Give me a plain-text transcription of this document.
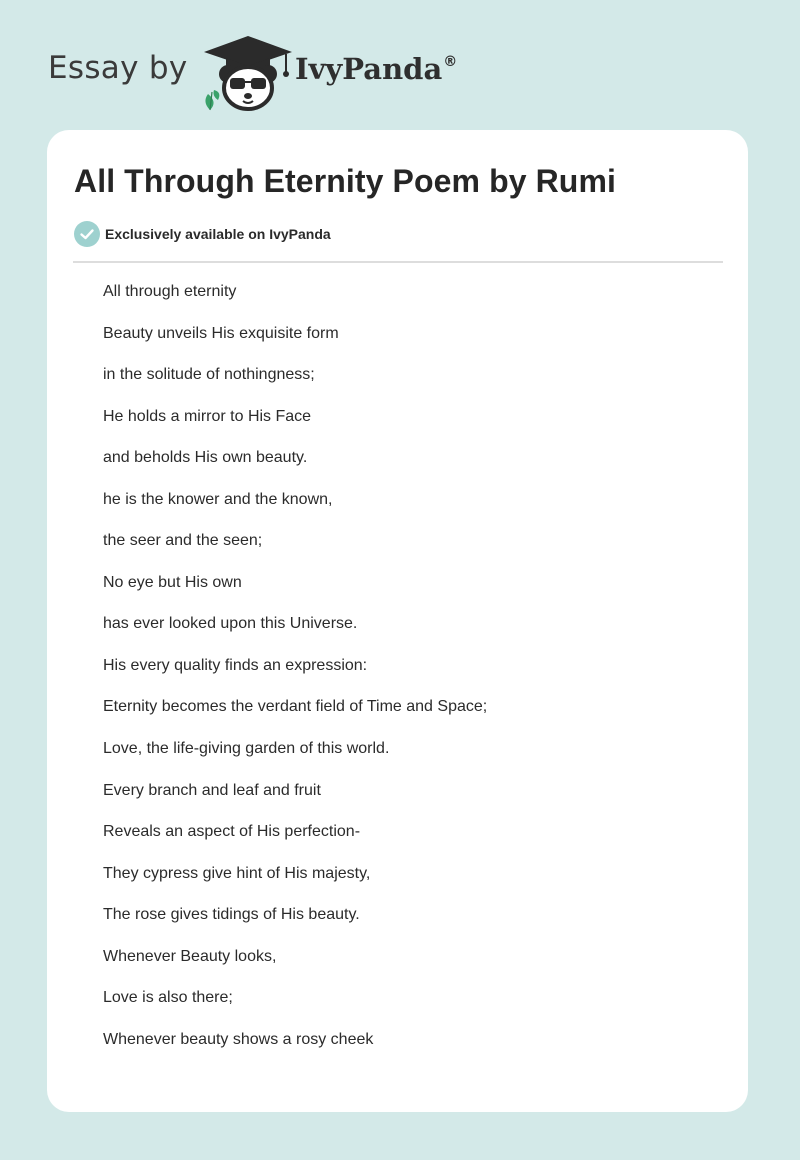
Essay by	IvyPanda®
All Through Eternity Poem by Rumi
Exclusively available on IvyPanda
All through eternity
Beauty unveils His exquisite form
in the solitude of nothingness;
He holds a mirror to His Face
and beholds His own beauty.
he is the knower and the known,
the seer and the seen;
No eye but His own
has ever looked upon this Universe.
His every quality finds an expression:
Eternity becomes the verdant field of Time and Space;
Love, the life-giving garden of this world.
Every branch and leaf and fruit
Reveals an aspect of His perfection-
They cypress give hint of His majesty,
The rose gives tidings of His beauty.
Whenever Beauty looks,
Love is also there;
Whenever beauty shows a rosy cheek
